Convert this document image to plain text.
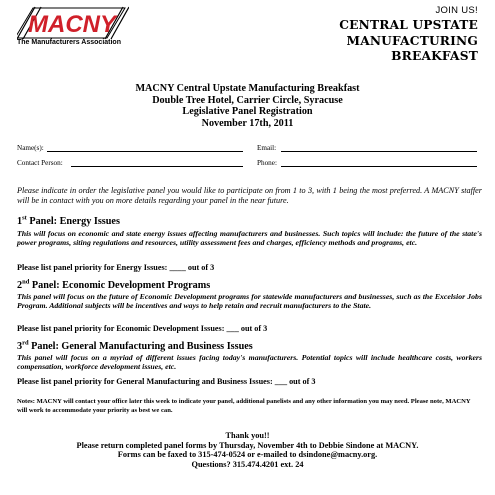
MACNY
The Manufacturers Association
JOIN US!
CENTRAL UPSTATE
MANUFACTURING
BREAKFAST
MACNY Central Upstate Manufacturing Breakfast
Double Tree Hotel, Carrier Circle, Syracuse
Legislative Panel Registration
November 17th, 2011
Name(s):	Email:
Contact Person:	Phone:
Please indicate in order the legislative panel you would like to participate on from 1 to 3, with 1 being the most preferred. A MACNY staffer will be in contact with you on more details regarding your panel in the near future.
1st Panel: Energy Issues
This will focus on economic and state energy issues affecting manufacturers and businesses. Such topics will include: the future of the state's power programs, siting regulations and resources, utility assessment fees and charges, efficiency methods and programs, etc.
Please list panel priority for Energy Issues: ____ out of 3
2nd Panel: Economic Development Programs
This panel will focus on the future of Economic Development programs for statewide manufacturers and businesses, such as the Excelsior Jobs Program. Additional subjects will be incentives and ways to help retain and recruit manufacturers to the State.
Please list panel priority for Economic Development Issues: ___ out of 3
3rd Panel: General Manufacturing and Business Issues
This panel will focus on a myriad of different issues facing today's manufacturers. Potential topics will include healthcare costs, workers compensation, workforce development issues, etc.
Please list panel priority for General Manufacturing and Business Issues: ___ out of 3
Notes: MACNY will contact your office later this week to indicate your panel, additional panelists and any other information you may need. Please note, MACNY will work to accommodate your priority as best we can.
Thank you!!
Please return completed panel forms by Thursday, November 4th to Debbie Sindone at MACNY.
Forms can be faxed to 315-474-0524 or e-mailed to dsindone@macny.org.
Questions? 315.474.4201 ext. 24
